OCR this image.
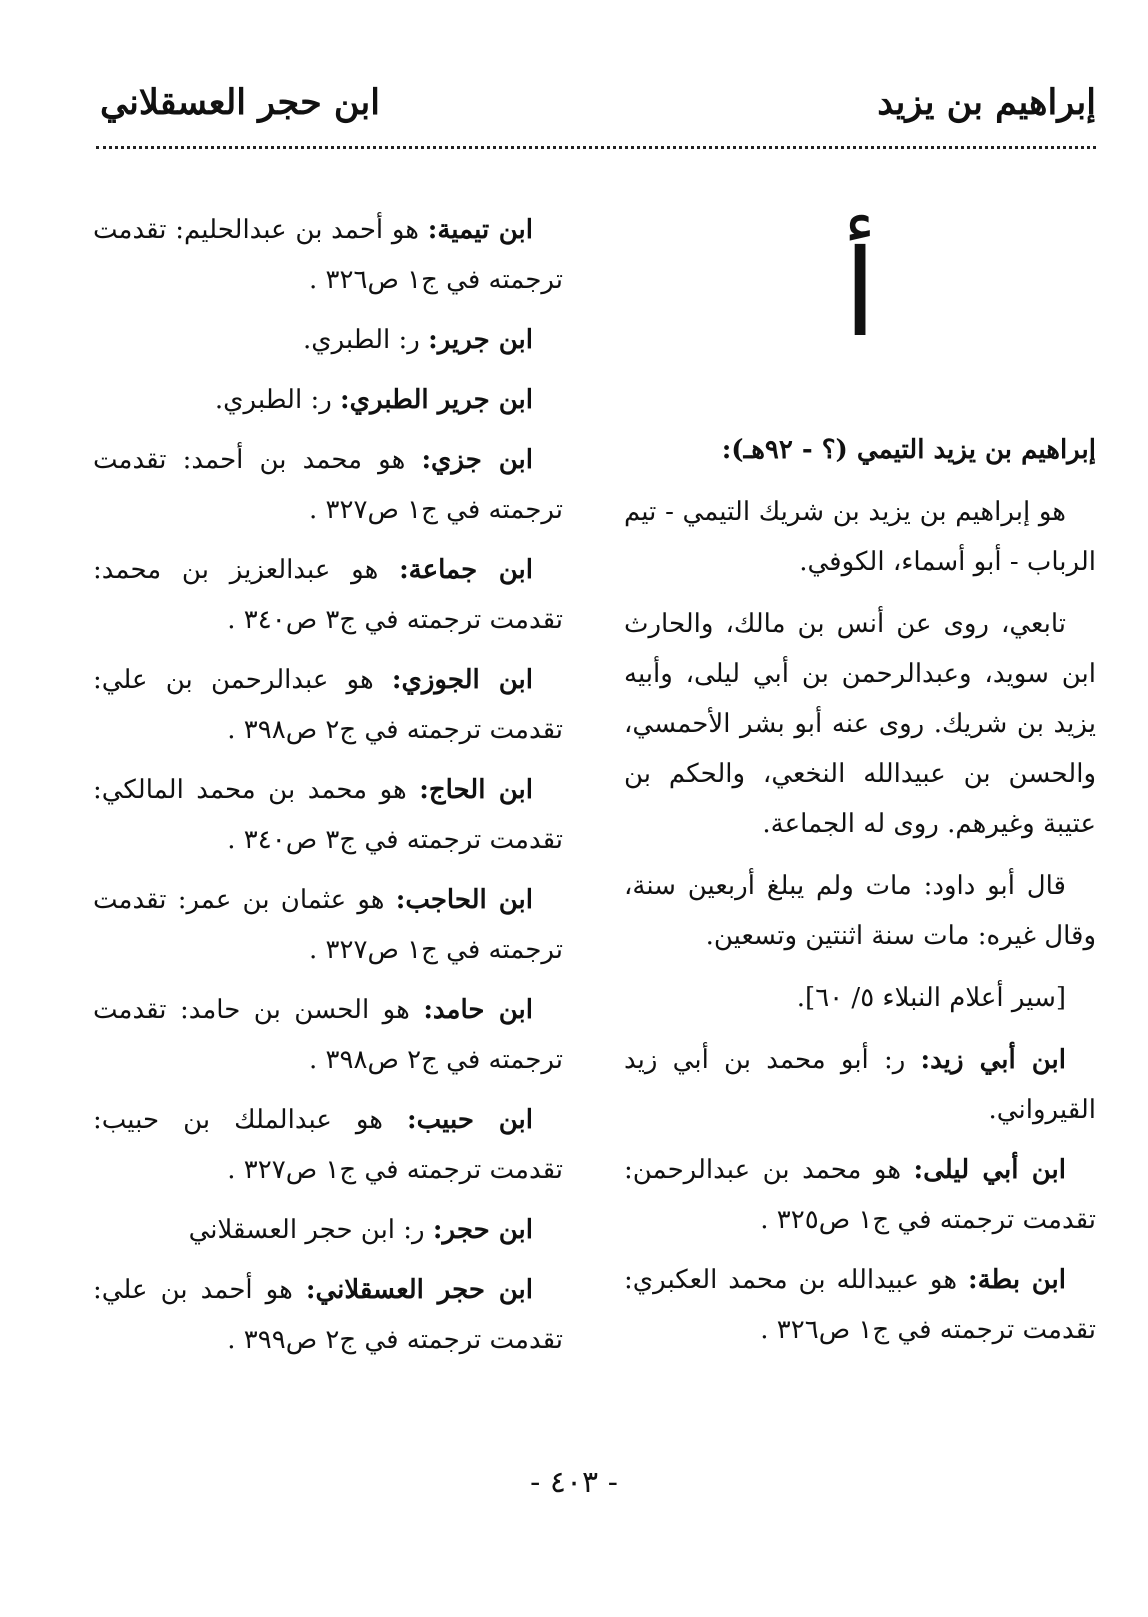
إبراهيم بن يزيد
ابن حجر العسقلاني
أ
إبراهيم بن يزيد التيمي (؟ - ٩٢هـ):

هو إبراهيم بن يزيد بن شريك التيمي - تيم الرباب - أبو أسماء، الكوفي.

تابعي، روى عن أنس بن مالك، والحارث ابن سويد، وعبدالرحمن بن أبي ليلى، وأبيه يزيد بن شريك. روى عنه أبو بشر الأحمسي، والحسن بن عبيدالله النخعي، والحكم بن عتيبة وغيرهم. روى له الجماعة.

قال أبو داود: مات ولم يبلغ أربعين سنة، وقال غيره: مات سنة اثنتين وتسعين.

[سير أعلام النبلاء ٥/ ٦٠].

ابن أبي زيد: ر: أبو محمد بن أبي زيد القيرواني.

ابن أبي ليلى: هو محمد بن عبدالرحمن: تقدمت ترجمته في ج١ ص٣٢٥ .

ابن بطة: هو عبيدالله بن محمد العكبري: تقدمت ترجمته في ج١ ص٣٢٦ .

ابن تيمية: هو أحمد بن عبدالحليم: تقدمت ترجمته في ج١ ص٣٢٦ .

ابن جرير: ر: الطبري.

ابن جرير الطبري: ر: الطبري.

ابن جزي: هو محمد بن أحمد: تقدمت ترجمته في ج١ ص٣٢٧ .

ابن جماعة: هو عبدالعزيز بن محمد: تقدمت ترجمته في ج٣ ص٣٤٠ .

ابن الجوزي: هو عبدالرحمن بن علي: تقدمت ترجمته في ج٢ ص٣٩٨ .

ابن الحاج: هو محمد بن محمد المالكي: تقدمت ترجمته في ج٣ ص٣٤٠ .

ابن الحاجب: هو عثمان بن عمر: تقدمت ترجمته في ج١ ص٣٢٧ .

ابن حامد: هو الحسن بن حامد: تقدمت ترجمته في ج٢ ص٣٩٨ .

ابن حبيب: هو عبدالملك بن حبيب: تقدمت ترجمته في ج١ ص٣٢٧ .

ابن حجر: ر: ابن حجر العسقلاني

ابن حجر العسقلاني: هو أحمد بن علي: تقدمت ترجمته في ج٢ ص٣٩٩ .

- ٤٠٣ -
